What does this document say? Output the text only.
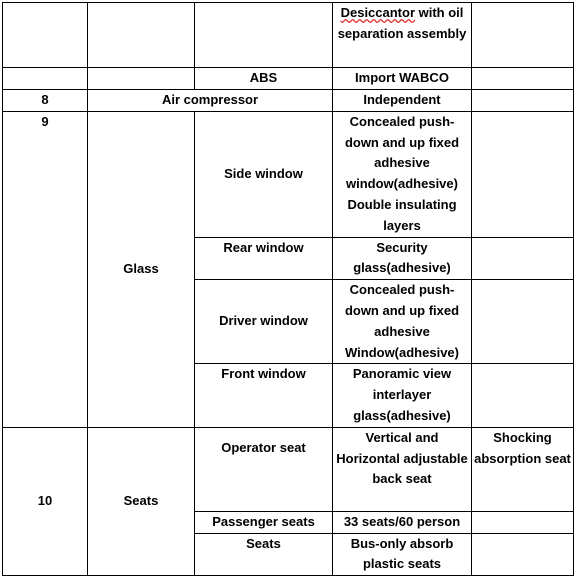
			Desiccantor with oil separation assembly	
		ABS	Import WABCO	
8	Air compressor		Independent	
9	Glass	Side window	Concealed push-down and up fixed adhesive window(adhesive) Double insulating layers	
		Rear window	Security glass(adhesive)	
		Driver window	Concealed push-down and up fixed adhesive Window(adhesive)	
		Front window	Panoramic view interlayer glass(adhesive)	
10	Seats	Operator seat	Vertical and Horizontal adjustable back seat	Shocking absorption seat
		Passenger seats	33 seats/60 person	
		Seats	Bus-only absorb plastic seats	
